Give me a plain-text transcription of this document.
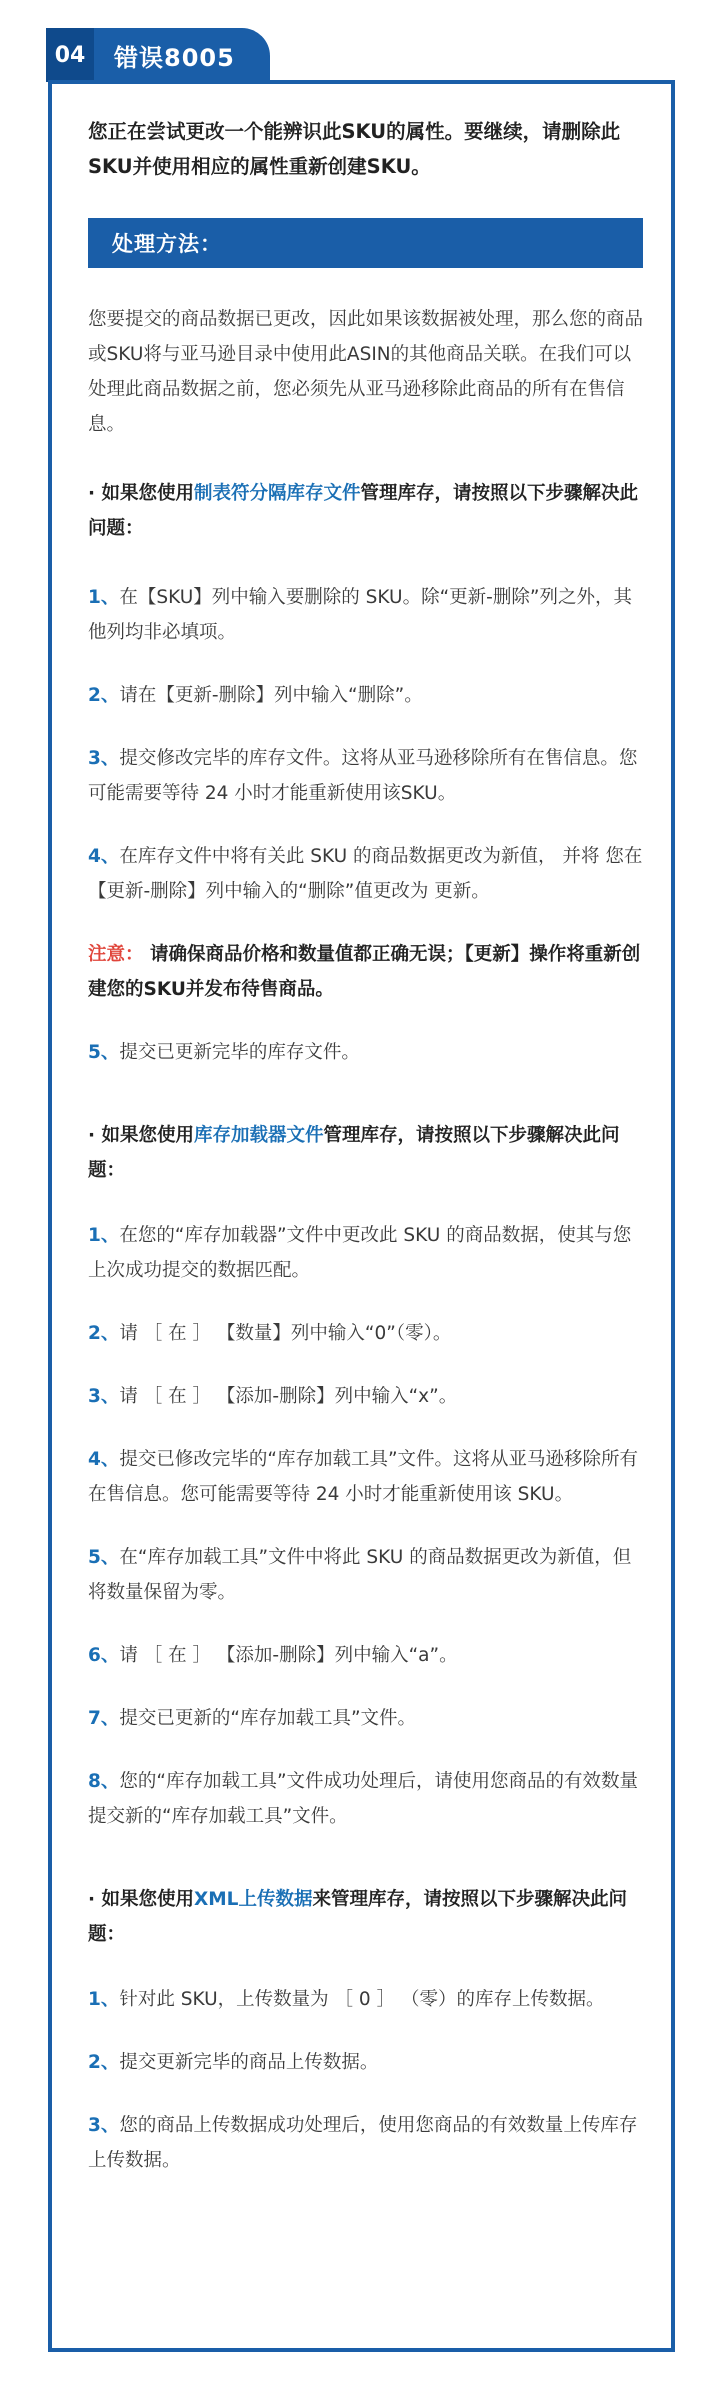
04	错误8005
您正在尝试更改一个能辨识此SKU的属性。要继续，请删除此SKU并使用相应的属性重新创建SKU。
处理方法：

您要提交的商品数据已更改，因此如果该数据被处理，那么您的商品或SKU将与亚马逊目录中使用此ASIN的其他商品关联。在我们可以处理此商品数据之前，您必须先从亚马逊移除此商品的所有在售信息。

· 如果您使用制表符分隔库存文件管理库存，请按照以下步骤解决此问题：

1、在【SKU】列中输入要删除的 SKU。除“更新-删除”列之外，其他列均非必填项。

2、请在【更新-删除】列中输入“删除”。

3、提交修改完毕的库存文件。这将从亚马逊移除所有在售信息。您可能需要等待 24 小时才能重新使用该SKU。

4、在库存文件中将有关此 SKU 的商品数据更改为新值， 并将 您在【更新-删除】列中输入的“删除”值更改为 更新。

注意： 请确保商品价格和数量值都正确无误；【更新】操作将重新创建您的SKU并发布待售商品。

5、提交已更新完毕的库存文件。

· 如果您使用库存加载器文件管理库存，请按照以下步骤解决此问题：

1、在您的“库存加载器”文件中更改此 SKU 的商品数据，使其与您上次成功提交的数据匹配。

2、请 ［ 在 ］ 【数量】列中输入“0”（零）。

3、请 ［ 在 ］ 【添加-删除】列中输入“x”。

4、提交已修改完毕的“库存加载工具”文件。这将从亚马逊移除所有在售信息。您可能需要等待 24 小时才能重新使用该 SKU。

5、在“库存加载工具”文件中将此 SKU 的商品数据更改为新值，但将数量保留为零。

6、请 ［ 在 ］ 【添加-删除】列中输入“a”。

7、提交已更新的“库存加载工具”文件。

8、您的“库存加载工具”文件成功处理后，请使用您商品的有效数量提交新的“库存加载工具”文件。

· 如果您使用XML上传数据来管理库存，请按照以下步骤解决此问题：

1、针对此 SKU，上传数量为 ［ 0 ］ （零）的库存上传数据。

2、提交更新完毕的商品上传数据。

3、您的商品上传数据成功处理后，使用您商品的有效数量上传库存上传数据。
